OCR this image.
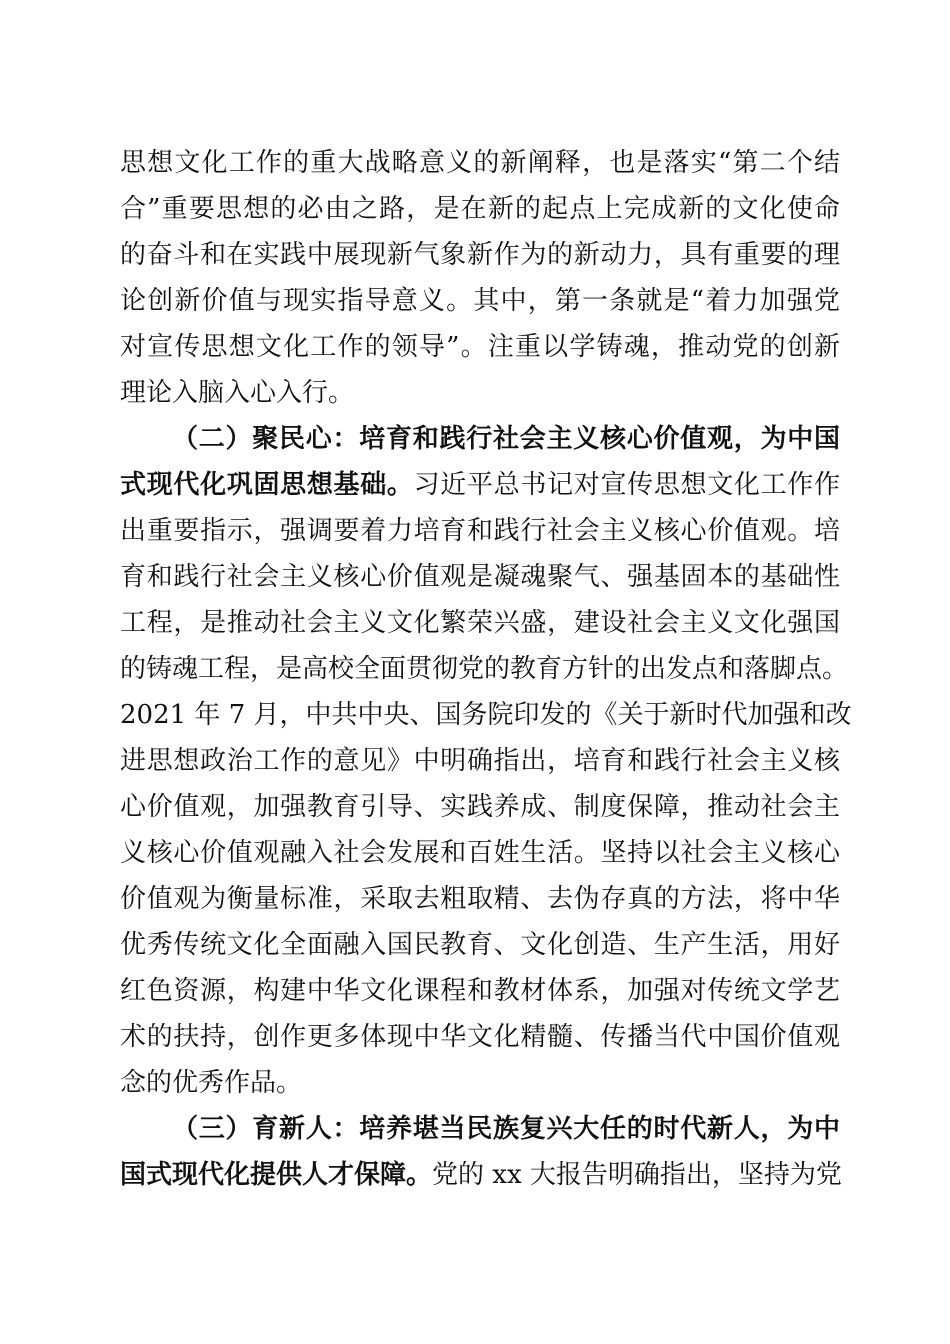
思想文化工作的重大战略意义的新阐释，也是落实“第二个结
合”重要思想的必由之路，是在新的起点上完成新的文化使命
的奋斗和在实践中展现新气象新作为的新动力，具有重要的理
论创新价值与现实指导意义。其中，第一条就是“着力加强党
对宣传思想文化工作的领导”。注重以学铸魂，推动党的创新
理论入脑入心入行。
（二）聚民心：培育和践行社会主义核心价值观，为中国
式现代化巩固思想基础。习近平总书记对宣传思想文化工作作
出重要指示，强调要着力培育和践行社会主义核心价值观。培
育和践行社会主义核心价值观是凝魂聚气、强基固本的基础性
工程，是推动社会主义文化繁荣兴盛，建设社会主义文化强国
的铸魂工程，是高校全面贯彻党的教育方针的出发点和落脚点。
2021 年 7 月，中共中央、国务院印发的《关于新时代加强和改
进思想政治工作的意见》中明确指出，培育和践行社会主义核
心价值观，加强教育引导、实践养成、制度保障，推动社会主
义核心价值观融入社会发展和百姓生活。坚持以社会主义核心
价值观为衡量标准，采取去粗取精、去伪存真的方法，将中华
优秀传统文化全面融入国民教育、文化创造、生产生活，用好
红色资源，构建中华文化课程和教材体系，加强对传统文学艺
术的扶持，创作更多体现中华文化精髓、传播当代中国价值观
念的优秀作品。
（三）育新人：培养堪当民族复兴大任的时代新人，为中
国式现代化提供人才保障。党的 xx 大报告明确指出，坚持为党
